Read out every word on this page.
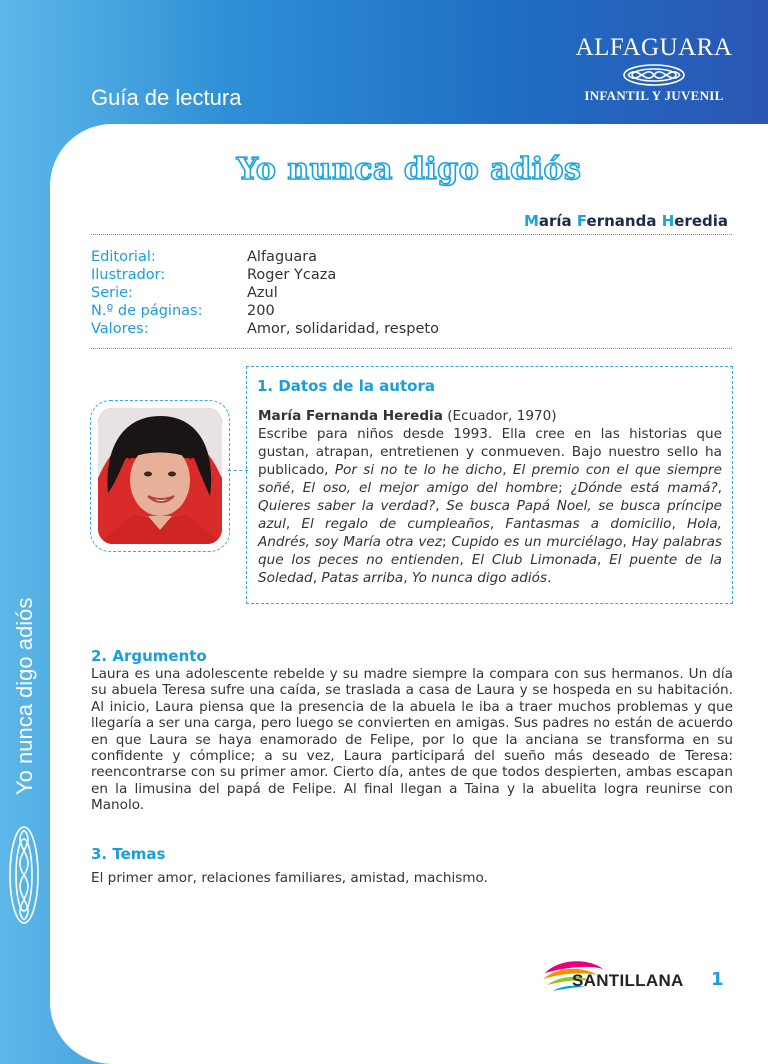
Guía de lectura
ALFAGUARA
INFANTIL Y JUVENIL
Yo nunca digo adiós
Yo nunca digo adiós
María Fernanda Heredia
Editorial:	Alfaguara
Ilustrador:	Roger Ycaza
Serie:	Azul
N.º de páginas:	200
Valores:	Amor, solidaridad, respeto
1. Datos de la autora
María Fernanda Heredia (Ecuador, 1970)
Escribe para niños desde 1993. Ella cree en las historias que gustan, atrapan, entretienen y conmueven. Bajo nuestro sello ha publicado, Por si no te lo he dicho, El premio con el que siempre soñé, El oso, el mejor amigo del hombre; ¿Dónde está mamá?, Quieres saber la verdad?, Se busca Papá Noel, se busca príncipe azul, El regalo de cumpleaños, Fantasmas a domicilio, Hola, Andrés, soy María otra vez; Cupido es un murciélago, Hay palabras que los peces no entienden, El Club Limonada, El puente de la Soledad, Patas arriba, Yo nunca digo adiós.
2. Argumento
Laura es una adolescente rebelde y su madre siempre la compara con sus hermanos. Un día su abuela Teresa sufre una caída, se traslada a casa de Laura y se hospeda en su habitación. Al inicio, Laura piensa que la presencia de la abuela le iba a traer muchos problemas y que llegaría a ser una carga, pero luego se convierten en amigas. Sus padres no están de acuerdo en que Laura se haya enamorado de Felipe, por lo que la anciana se transforma en su confidente y cómplice; a su vez, Laura participará del sueño más deseado de Teresa: reencontrarse con su primer amor. Cierto día, antes de que todos despierten, ambas escapan en la limusina del papá de Felipe. Al final llegan a Taina y la abuelita logra reunirse con Manolo.
3. Temas
El primer amor, relaciones familiares, amistad, machismo.
SANTILLANA 1
